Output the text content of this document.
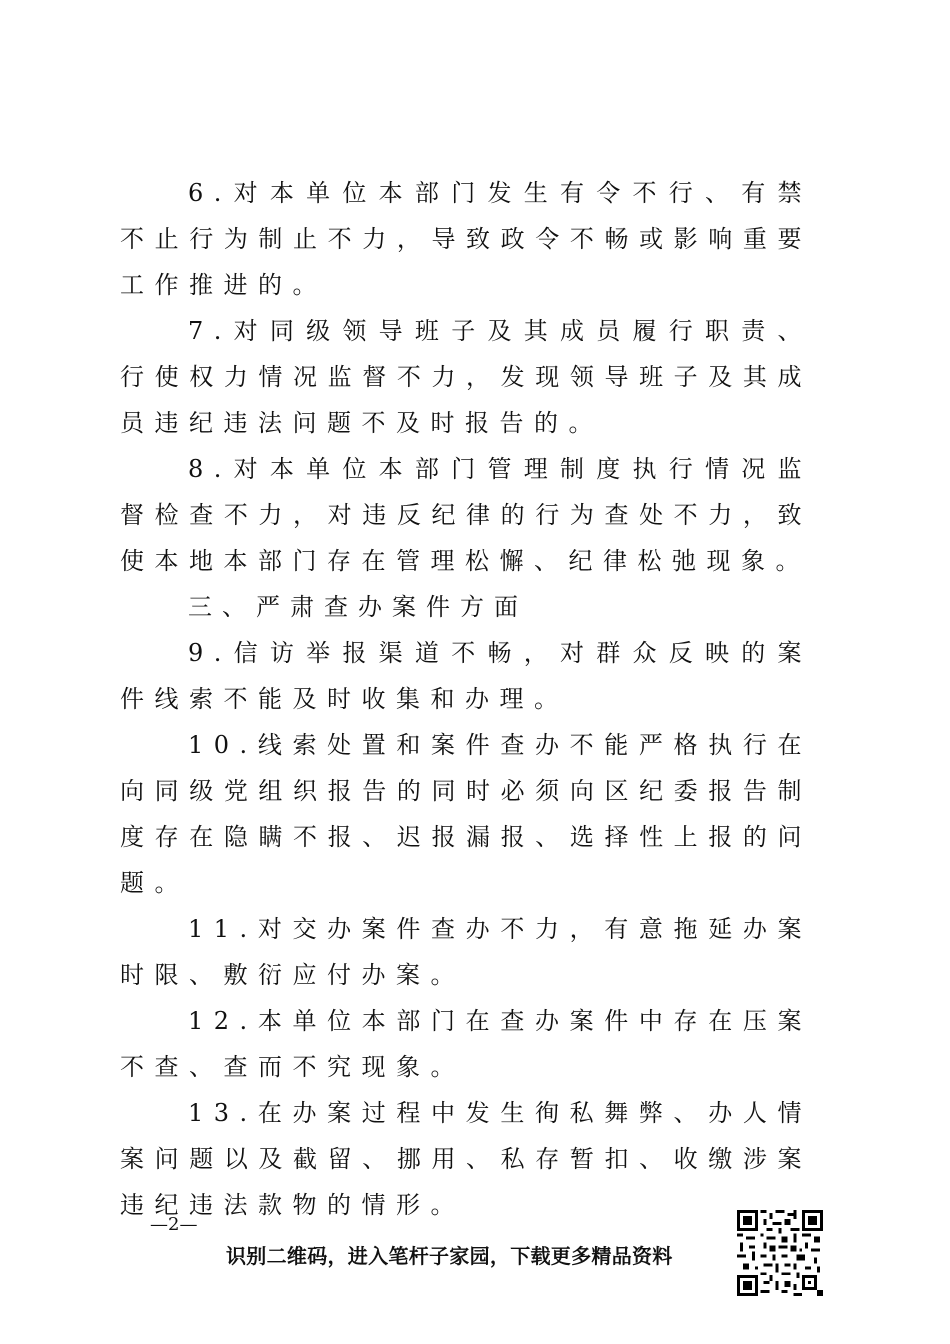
6.对本单位本部门发生有令不行、有禁不止行为制止不力，导致政令不畅或影响重要工作推进的。

7.对同级领导班子及其成员履行职责、行使权力情况监督不力，发现领导班子及其成员违纪违法问题不及时报告的。

8.对本单位本部门管理制度执行情况监督检查不力，对违反纪律的行为查处不力，致使本地本部门存在管理松懈、纪律松弛现象。

三、严肃查办案件方面

9.信访举报渠道不畅，对群众反映的案件线索不能及时收集和办理。

10.线索处置和案件查办不能严格执行在向同级党组织报告的同时必须向区纪委报告制度存在隐瞒不报、迟报漏报、选择性上报的问题。

11.对交办案件查办不力，有意拖延办案时限、敷衍应付办案。

12.本单位本部门在查办案件中存在压案不查、查而不究现象。

13.在办案过程中发生徇私舞弊、办人情案问题以及截留、挪用、私存暂扣、收缴涉案违纪违法款物的情形。

—2—
识别二维码，进入笔杆子家园，下载更多精品资料
